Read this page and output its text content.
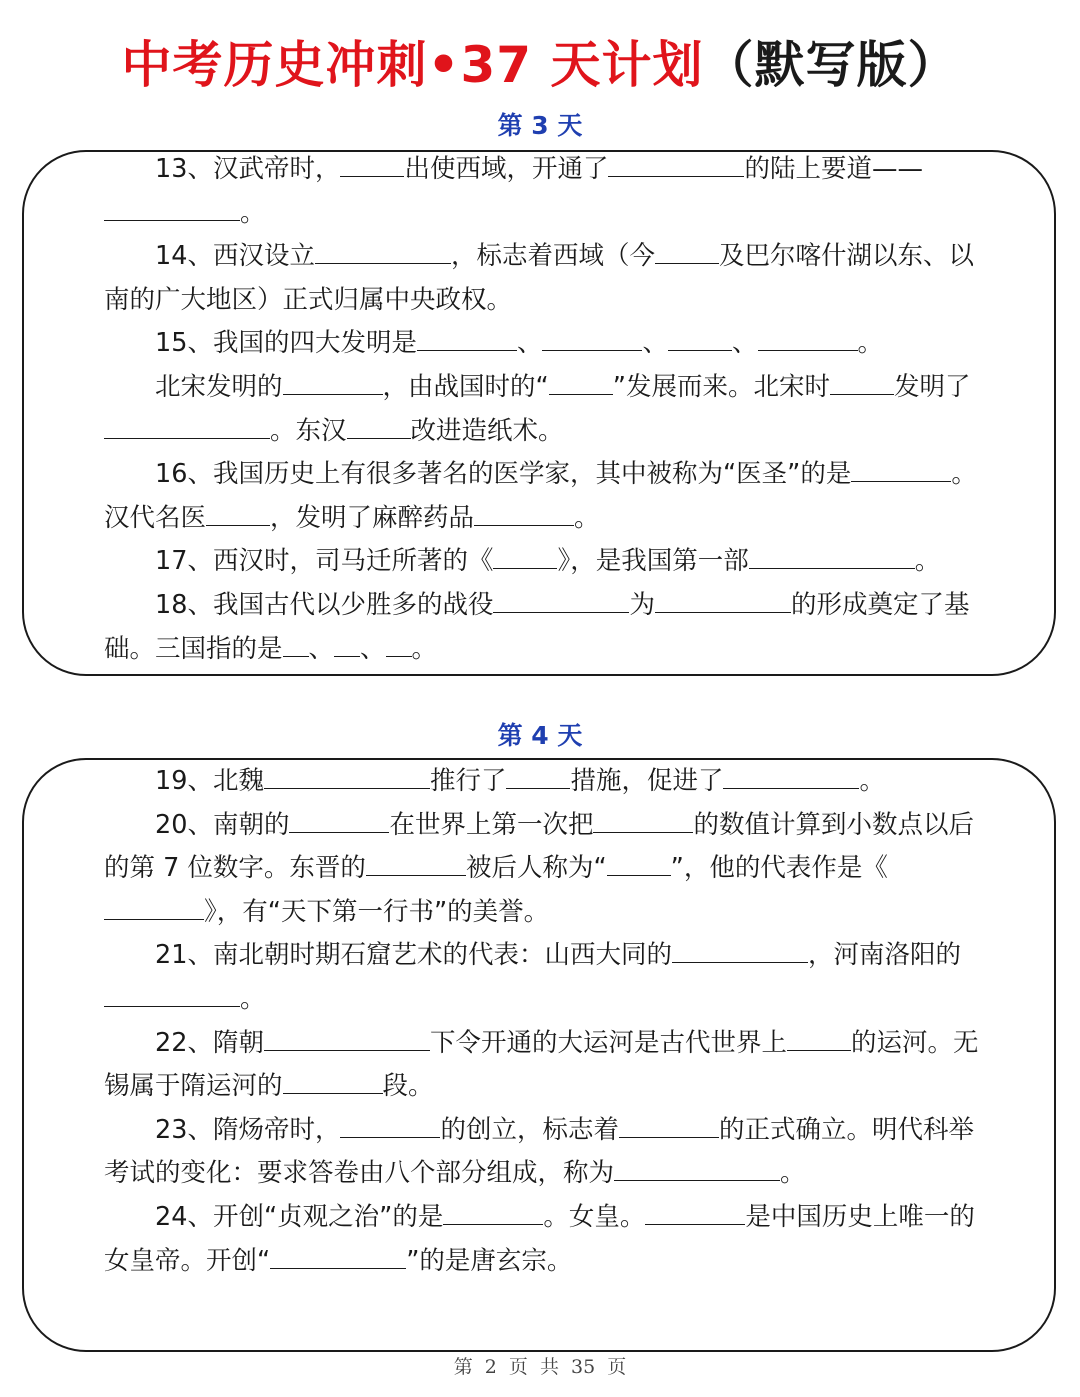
中考历史冲刺•37 天计划（默写版）
第 3 天

13、汉武帝时，	出使西域，开通了	的陆上要道——。

14、西汉设立	，标志着西域（今	及巴尔喀什湖以东、以南的广大地区）正式归属中央政权。

15、我国的四大发明是	、	、	、	。

北宋发明的	，由战国时的“	”发展而来。北宋时	发明了。东汉	改进造纸术。

16、我国历史上有很多著名的医学家，其中被称为“医圣”的是	。汉代名医	，发明了麻醉药品	。

17、西汉时，司马迁所著的《	》，是我国第一部	。

18、我国古代以少胜多的战役	为	的形成奠定了基础。三国指的是 、 、 。

第 4 天

19、北魏	推行了	措施，促进了	。

20、南朝的	在世界上第一次把	的数值计算到小数点以后的第 7 位数字。东晋的	被后人称为“	”，他的代表作是《》，有“天下第一行书”的美誉。

21、南北朝时期石窟艺术的代表：山西大同的	，河南洛阳的。

22、隋朝	下令开通的大运河是古代世界上	的运河。无锡属于隋运河的	段。

23、隋炀帝时，	的创立，标志着	的正式确立。明代科举考试的变化：要求答卷由八个部分组成，称为	。

24、开创“贞观之治”的是	。女皇。	是中国历史上唯一的女皇帝。开创“	”的是唐玄宗。

第 2 页 共 35 页
